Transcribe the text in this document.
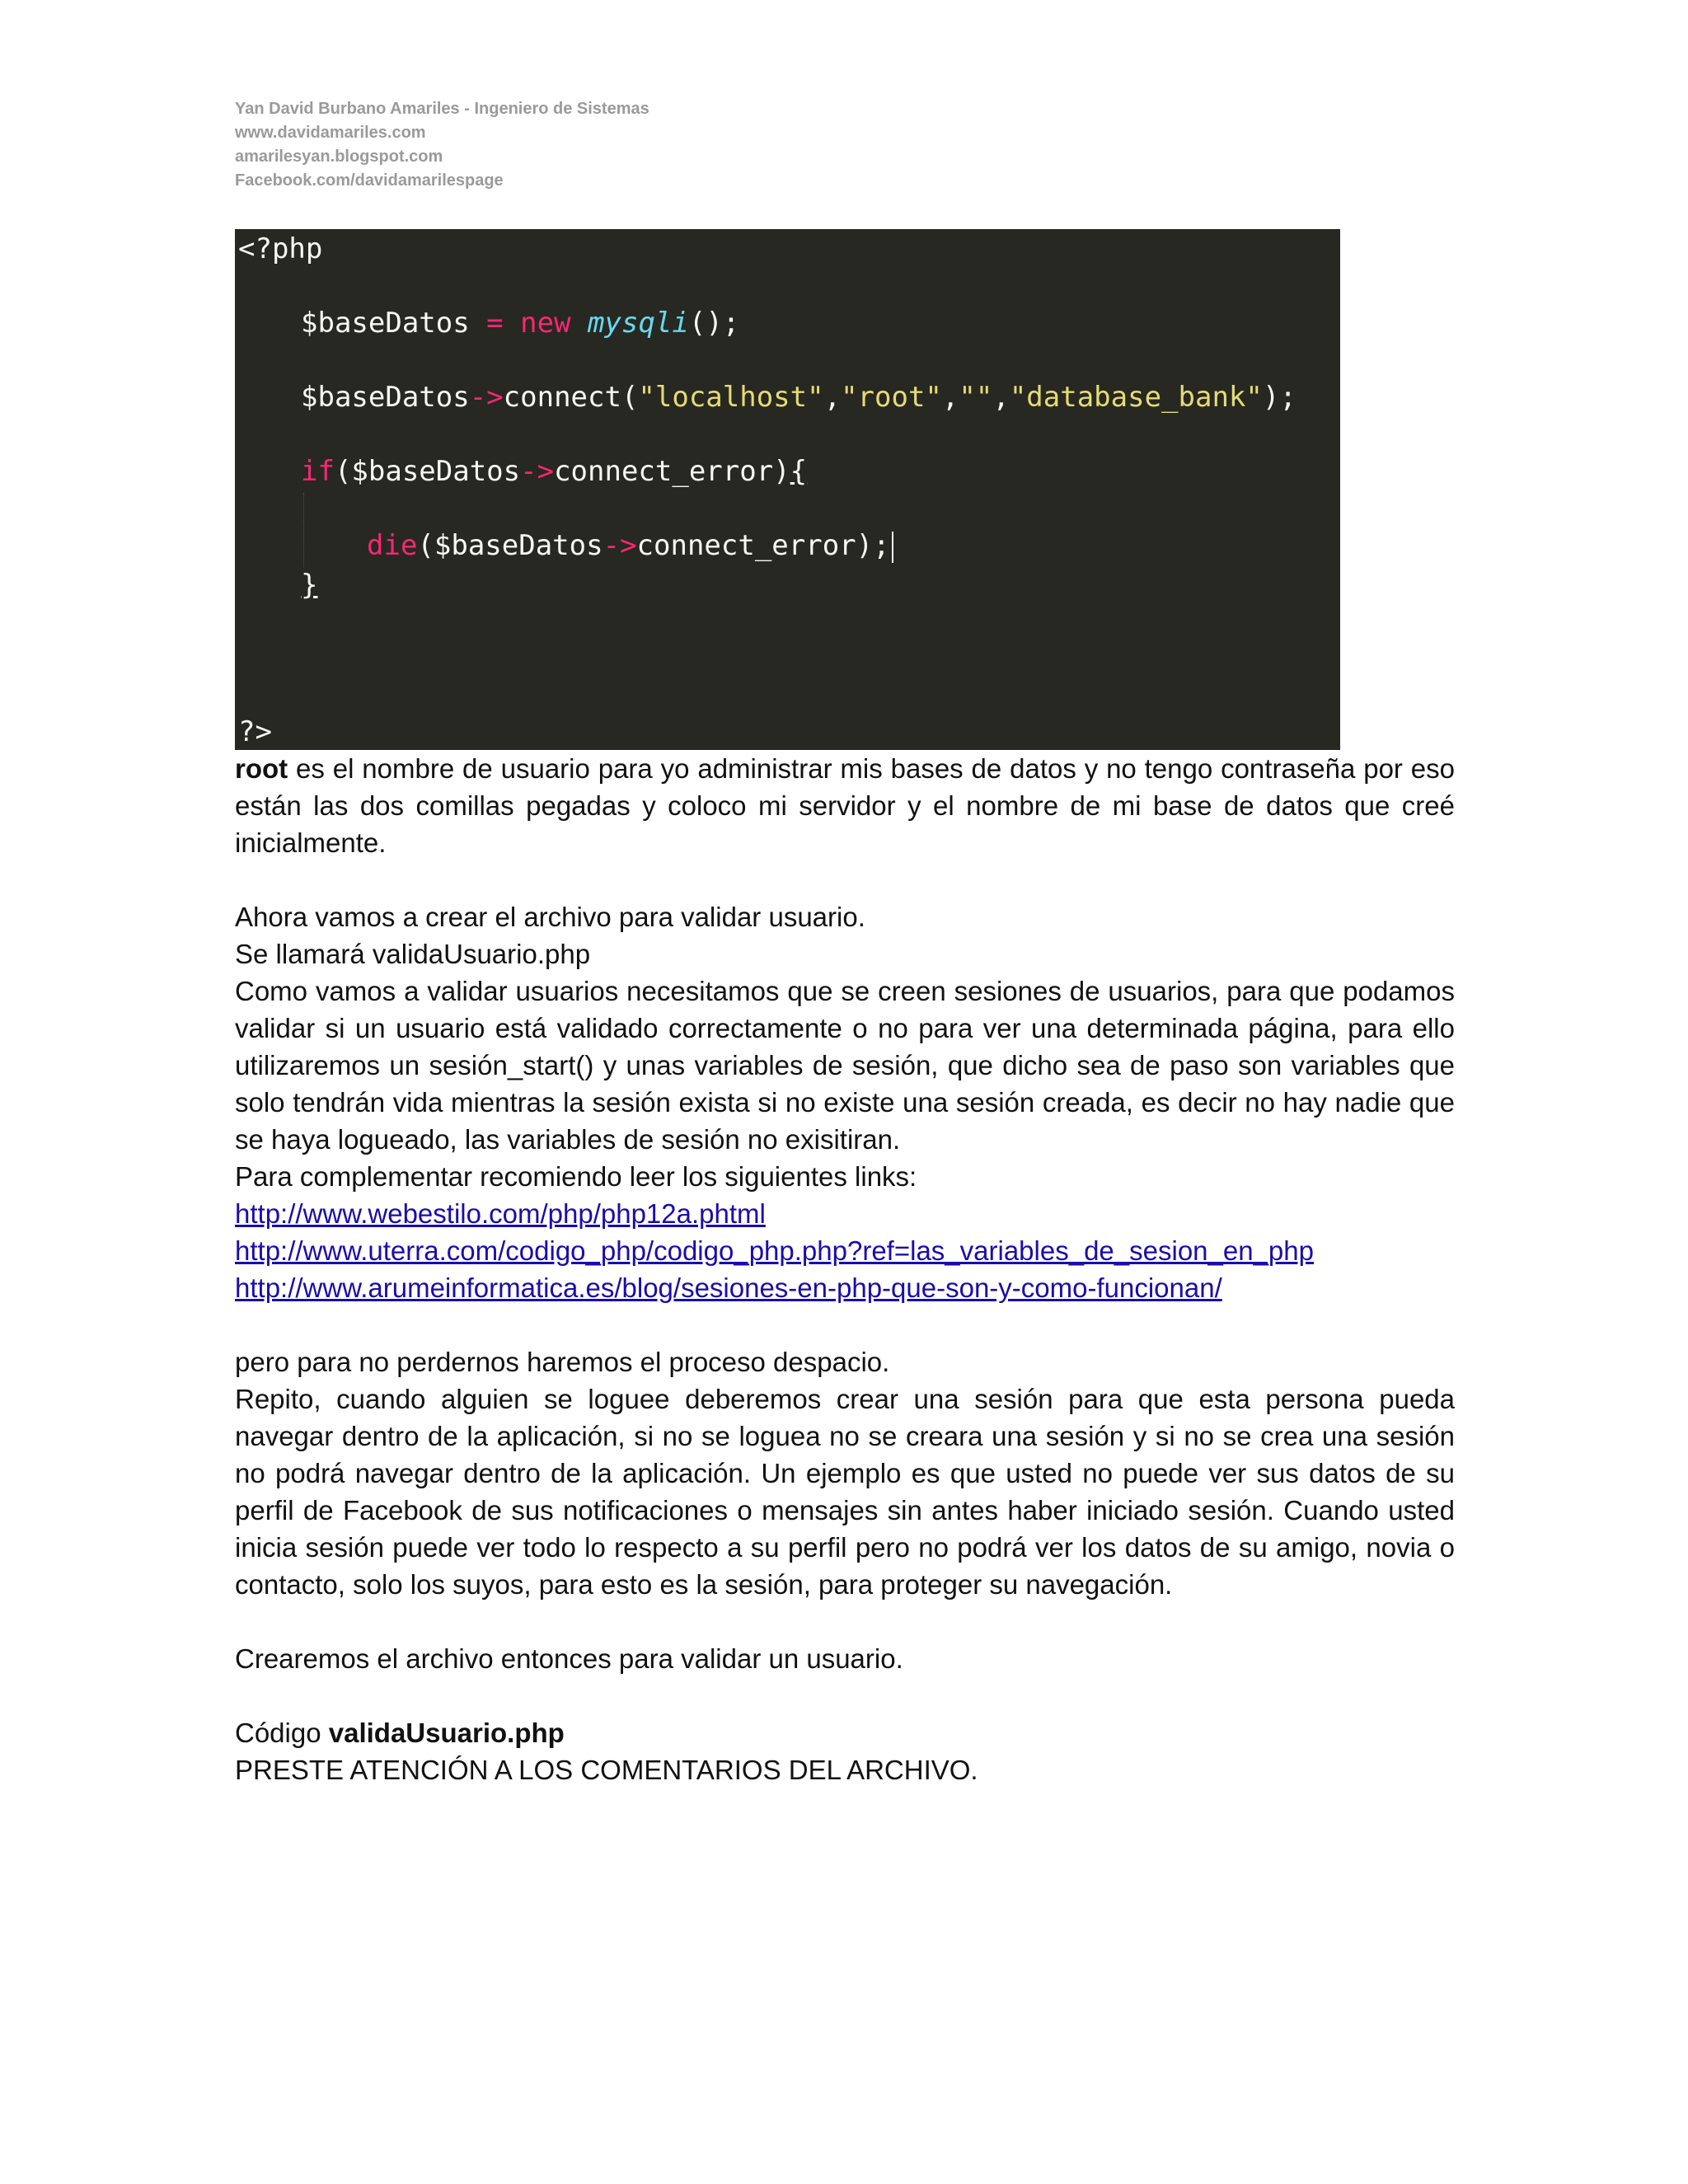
Yan David Burbano Amariles - Ingeniero de Sistemas
www.davidamariles.com
amarilesyan.blogspot.com
Facebook.com/davidamarilespage
<?php
$baseDatos = new mysqli();
$baseDatos->connect("localhost","root","","database_bank");
if($baseDatos->connect_error){
die($baseDatos->connect_error);
}
?>

root es el nombre de usuario para yo administrar mis bases de datos y no tengo contraseña por eso están las dos comillas pegadas y coloco mi servidor y el nombre de mi base de datos que creé inicialmente.

Ahora vamos a crear el archivo para validar usuario.

Se llamará validaUsuario.php

Como vamos a validar usuarios necesitamos que se creen sesiones de usuarios, para que podamos validar si un usuario está validado correctamente o no para ver una determinada página, para ello utilizaremos un sesión_start() y unas variables de sesión, que dicho sea de paso son variables que solo tendrán vida mientras la sesión exista si no existe una sesión creada, es decir no hay nadie que se haya logueado, las variables de sesión no exisitiran.

Para complementar recomiendo leer los siguientes links:

http://www.webestilo.com/php/php12a.phtml
http://www.uterra.com/codigo_php/codigo_php.php?ref=las_variables_de_sesion_en_php
http://www.arumeinformatica.es/blog/sesiones-en-php-que-son-y-como-funcionan/

pero para no perdernos haremos el proceso despacio.

Repito, cuando alguien se loguee deberemos crear una sesión para que esta persona pueda navegar dentro de la aplicación, si no se loguea no se creara una sesión y si no se crea una sesión no podrá navegar dentro de la aplicación. Un ejemplo es que usted no puede ver sus datos de su perfil de Facebook de sus notificaciones o mensajes sin antes haber iniciado sesión. Cuando usted inicia sesión puede ver todo lo respecto a su perfil pero no podrá ver los datos de su amigo, novia o contacto, solo los suyos, para esto es la sesión, para proteger su navegación.

Crearemos el archivo entonces para validar un usuario.

Código validaUsuario.php

PRESTE ATENCIÓN A LOS COMENTARIOS DEL ARCHIVO.
